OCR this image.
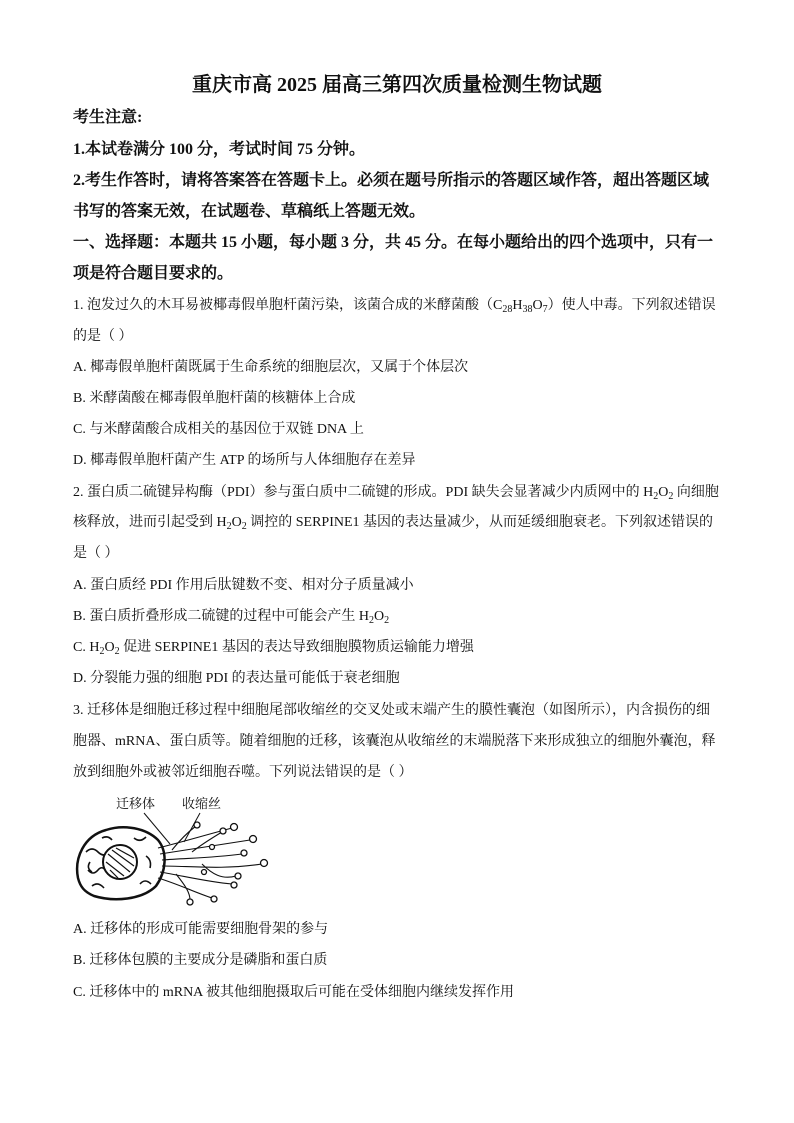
重庆市高 2025 届高三第四次质量检测生物试题
考生注意:
1.本试卷满分 100 分，考试时间 75 分钟。
2.考生作答时，请将答案答在答题卡上。必须在题号所指示的答题区域作答，超出答题区域
书写的答案无效，在试题卷、草稿纸上答题无效。
一、选择题：本题共 15 小题，每小题 3 分，共 45 分。在每小题给出的四个选项中，只有一
项是符合题目要求的。
1. 泡发过久的木耳易被椰毒假单胞杆菌污染，该菌合成的米酵菌酸$(C_{28}H_{38}O_7)$使人中毒。下列叙述错误
的是（ ）
A. 椰毒假单胞杆菌既属于生命系统的细胞层次，又属于个体层次
B. 米酵菌酸在椰毒假单胞杆菌的核糖体上合成
C. 与米酵菌酸合成相关的基因位于双链 DNA 上
D. 椰毒假单胞杆菌产生 ATP 的场所与人体细胞存在差异
2. 蛋白质二硫键异构酶（PDI）参与蛋白质中二硫键的形成。PDI 缺失会显著减少内质网中的 $H_2O_2$ 向细胞
核释放，进而引起受到 $H_2O_2$ 调控的 SERPINE1 基因的表达量减少，从而延缓细胞衰老。下列叙述错误的
是（ ）
A. 蛋白质经 PDI 作用后肽键数不变、相对分子质量减小
B. 蛋白质折叠形成二硫键的过程中可能会产生 $H_2O_2$
C. $H_2O_2$ 促进 SERPINE1 基因的表达导致细胞膜物质运输能力增强
D. 分裂能力强的细胞 PDI 的表达量可能低于衰老细胞
3. 迁移体是细胞迁移过程中细胞尾部收缩丝的交叉处或末端产生的膜性囊泡（如图所示），内含损伤的细
胞器、mRNA、蛋白质等。随着细胞的迁移，该囊泡从收缩丝的末端脱落下来形成独立的细胞外囊泡，释
放到细胞外或被邻近细胞吞噬。下列说法错误的是（ ）
迁移体 收缩丝
A. 迁移体的形成可能需要细胞骨架的参与
B. 迁移体包膜的主要成分是磷脂和蛋白质
C. 迁移体中的 mRNA 被其他细胞摄取后可能在受体细胞内继续发挥作用
